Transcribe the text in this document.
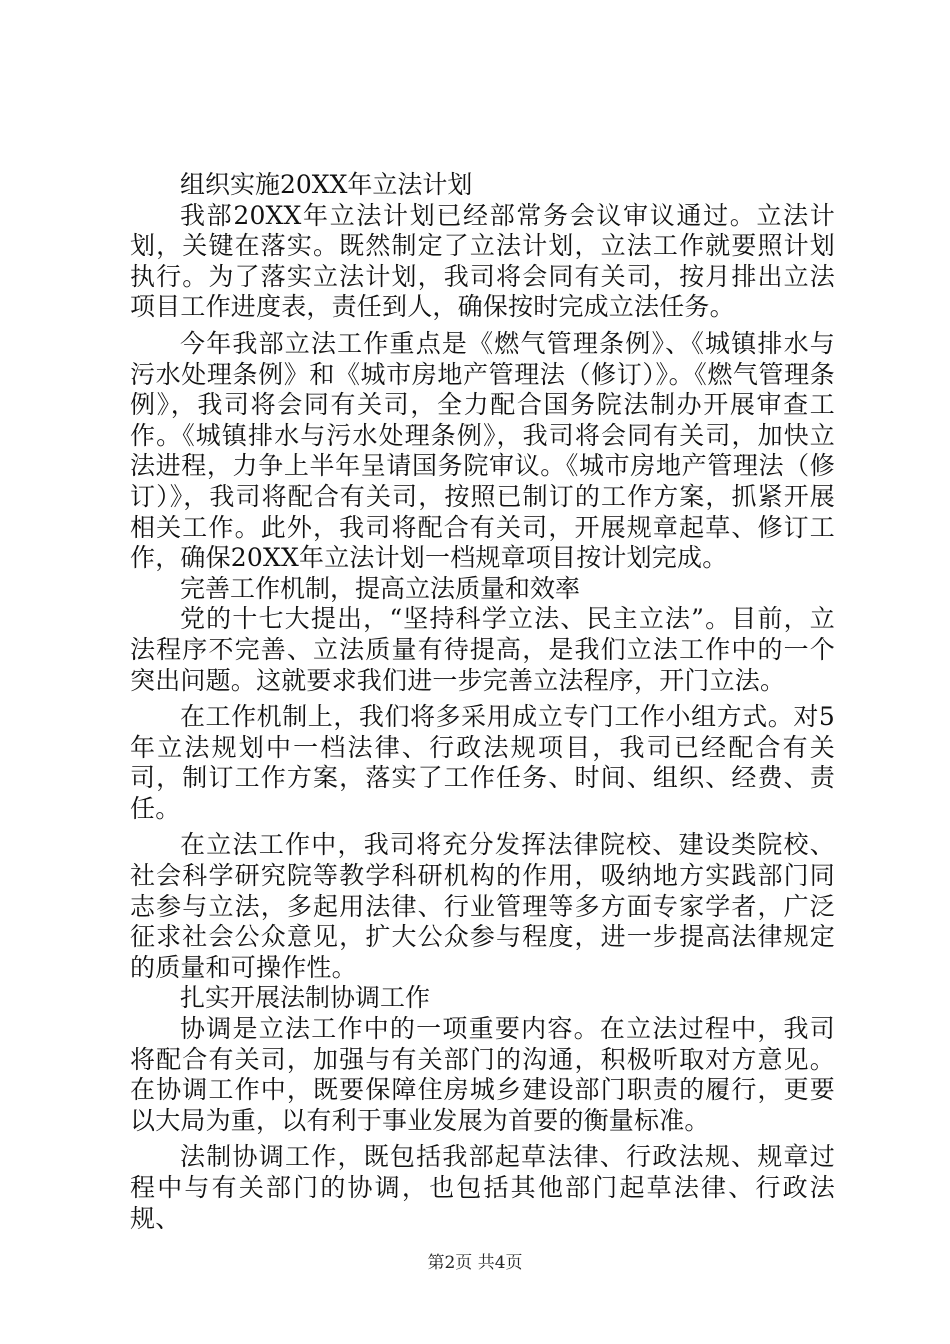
组织实施20XX年立法计划

我部20XX年立法计划已经部常务会议审议通过。立法计划，关键在落实。既然制定了立法计划，立法工作就要照计划执行。为了落实立法计划，我司将会同有关司，按月排出立法项目工作进度表，责任到人，确保按时完成立法任务。

今年我部立法工作重点是《燃气管理条例》、《城镇排水与污水处理条例》和《城市房地产管理法（修订）》。《燃气管理条例》，我司将会同有关司，全力配合国务院法制办开展审查工作。《城镇排水与污水处理条例》，我司将会同有关司，加快立法进程，力争上半年呈请国务院审议。《城市房地产管理法（修订）》，我司将配合有关司，按照已制订的工作方案，抓紧开展相关工作。此外，我司将配合有关司，开展规章起草、修订工作，确保20XX年立法计划一档规章项目按计划完成。

完善工作机制，提高立法质量和效率

党的十七大提出，“坚持科学立法、民主立法”。目前，立法程序不完善、立法质量有待提高，是我们立法工作中的一个突出问题。这就要求我们进一步完善立法程序，开门立法。

在工作机制上，我们将多采用成立专门工作小组方式。对5年立法规划中一档法律、行政法规项目，我司已经配合有关司，制订工作方案，落实了工作任务、时间、组织、经费、责任。

在立法工作中，我司将充分发挥法律院校、建设类院校、社会科学研究院等教学科研机构的作用，吸纳地方实践部门同志参与立法，多起用法律、行业管理等多方面专家学者，广泛征求社会公众意见，扩大公众参与程度，进一步提高法律规定的质量和可操作性。

扎实开展法制协调工作

协调是立法工作中的一项重要内容。在立法过程中，我司将配合有关司，加强与有关部门的沟通，积极听取对方意见。在协调工作中，既要保障住房城乡建设部门职责的履行，更要以大局为重，以有利于事业发展为首要的衡量标准。

法制协调工作，既包括我部起草法律、行政法规、规章过程中与有关部门的协调，也包括其他部门起草法律、行政法规、

第2页 共4页
